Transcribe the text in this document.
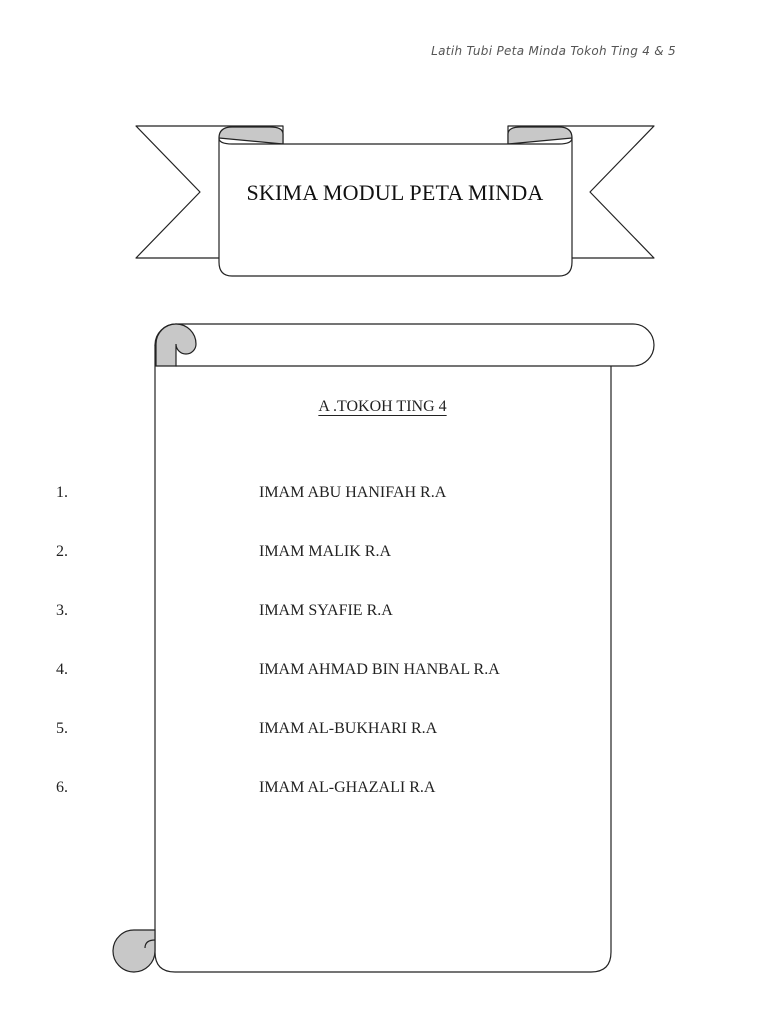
Latih Tubi Peta Minda Tokoh Ting 4 & 5
SKIMA MODUL PETA MINDA
A .TOKOH TING 4
1.	IMAM ABU HANIFAH R.A
2.	IMAM MALIK R.A
3.	IMAM SYAFIE R.A
4.	IMAM AHMAD BIN HANBAL R.A
5.	IMAM AL-BUKHARI R.A
6.	IMAM AL-GHAZALI R.A
